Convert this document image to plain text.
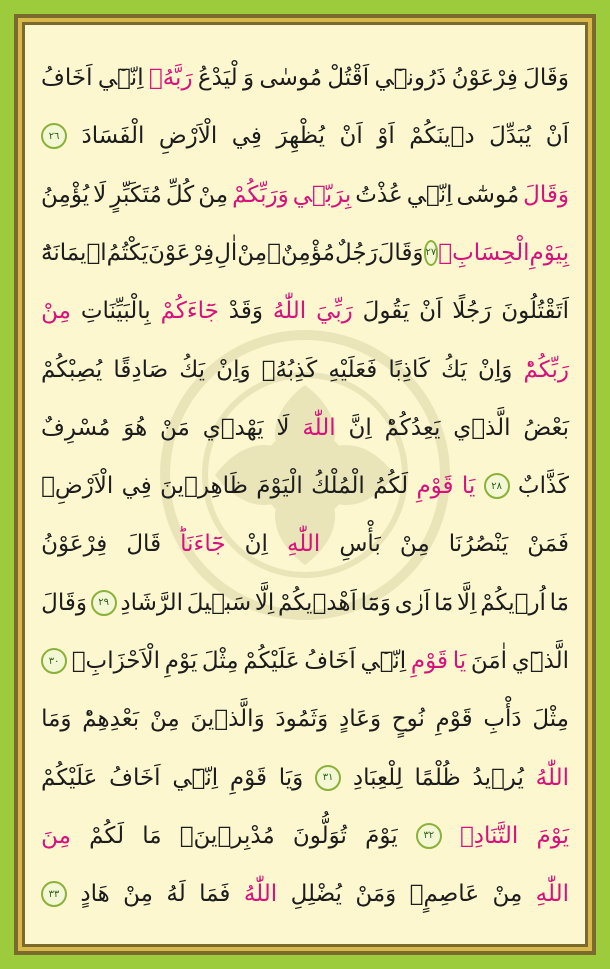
وَقَالَ
فِرْعَوْنُ
ذَرُونٖٓي
اَقْتُلْ
مُوسٰى
وَ
لْيَدْعُ
رَبَّهُۚ
اِنّٖٓي
اَخَافُ
اَنْ
يُبَدِّلَ
دٖينَكُمْ
اَوْ
اَنْ
يُظْهِرَ
فِي
الْاَرْضِ
الْفَسَادَ
٢٦
وَقَالَ
مُوسٰٓى
اِنّٖي
عُذْتُ
بِرَبّٖي
وَرَبِّكُمْ
مِنْ
كُلِّ
مُتَكَبِّرٍ
لَا
يُؤْمِنُ
بِيَوْمِ
الْحِسَابِ۟
٢٧
وَقَالَ
رَجُلٌ
مُؤْمِنٌۗ
مِنْ
اٰلِ
فِرْعَوْنَ
يَكْتُمُ
اٖيمَانَهُٓ
اَتَقْتُلُونَ
رَجُلًا
اَنْ
يَقُولَ
رَبِّيَ
اللّٰهُ
وَقَدْ
جَٓاءَكُمْ
بِالْبَيِّنَاتِ
مِنْ
رَبِّكُمْؕ
وَاِنْ
يَكُ
كَاذِبًا
فَعَلَيْهِ
كَذِبُهُۚ
وَاِنْ
يَكُ
صَادِقًا
يُصِبْكُمْ
بَعْضُ
الَّذٖي
يَعِدُكُمْؕ
اِنَّ
اللّٰهَ
لَا
يَهْدٖي
مَنْ
هُوَ
مُسْرِفٌ
كَذَّابٌ
٢٨
يَا
قَوْمِ
لَكُمُ
الْمُلْكُ
الْيَوْمَ
ظَاهِرٖينَ
فِي
الْاَرْضِۘ
فَمَنْ
يَنْصُرُنَا
مِنْ
بَأْسِ
اللّٰهِ
اِنْ
جَٓاءَنَاؕ
قَالَ
فِرْعَوْنُ
مَٓا
اُرٖيكُمْ
اِلَّا
مَٓا
اَرٰى
وَمَٓا
اَهْدٖيكُمْ
اِلَّا
سَبٖيلَ
الرَّشَادِ
٢٩
وَقَالَ
الَّذٖٓي
اٰمَنَ
يَا
قَوْمِ
اِنّٖٓي
اَخَافُ
عَلَيْكُمْ
مِثْلَ
يَوْمِ
الْاَحْزَابِۙ
٣٠
مِثْلَ
دَأْبِ
قَوْمِ
نُوحٍ
وَعَادٍ
وَثَمُودَ
وَالَّذٖينَ
مِنْ
بَعْدِهِمْؕ
وَمَا
اللّٰهُ
يُرٖيدُ
ظُلْمًا
لِلْعِبَادِ
٣١
وَيَا
قَوْمِ
اِنّٖٓي
اَخَافُ
عَلَيْكُمْ
يَوْمَ
التَّنَادِۙ
٣٢
يَوْمَ
تُوَلُّونَ
مُدْبِرٖينَۚ
مَا
لَكُمْ
مِنَ
اللّٰهِ
مِنْ
عَاصِمٍۚ
وَمَنْ
يُضْلِلِ
اللّٰهُ
فَمَا
لَهُ
مِنْ
هَادٍ
٣٣
